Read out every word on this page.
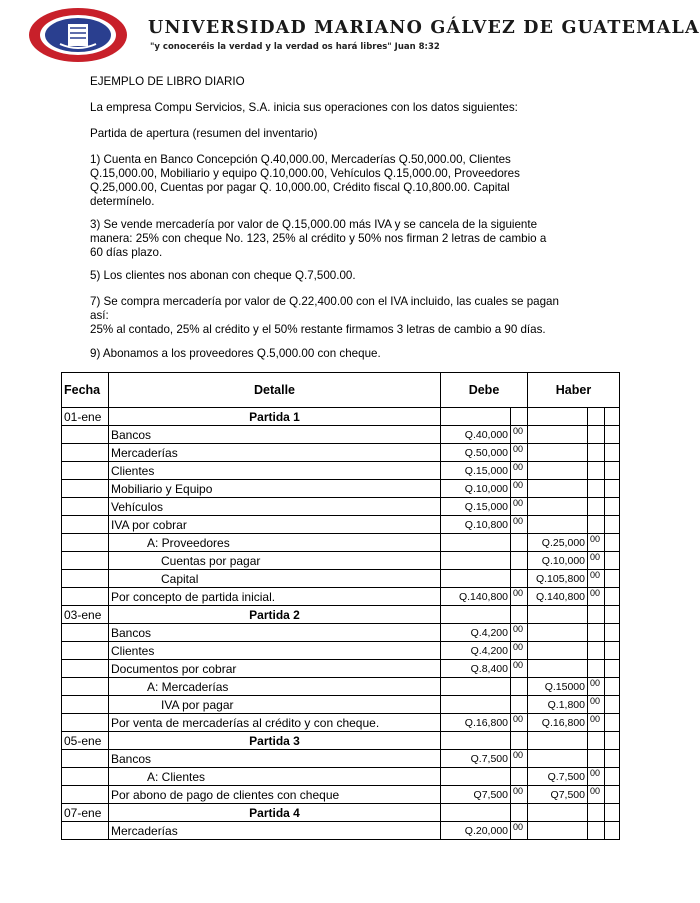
UNIVERSIDAD MARIANO GÁLVEZ DE GUATEMALA
"y conoceréis la verdad y la verdad os hará libres" Juan 8:32
EJEMPLO DE LIBRO DIARIO
La empresa Compu Servicios, S.A. inicia sus operaciones con los datos siguientes:
Partida de apertura (resumen del inventario)
1) Cuenta en Banco Concepción Q.40,000.00, Mercaderías Q.50,000.00, Clientes Q.15,000.00, Mobiliario y equipo Q.10,000.00, Vehículos Q.15,000.00, Proveedores Q.25,000.00, Cuentas por pagar Q. 10,000.00, Crédito fiscal Q.10,800.00. Capital determínelo.
3) Se vende mercadería por valor de Q.15,000.00 más IVA y se cancela de la siguiente manera: 25% con cheque No. 123, 25% al crédito y 50% nos firman 2 letras de cambio a 60 días plazo.
5) Los clientes nos abonan con cheque Q.7,500.00.
7) Se compra mercadería por valor de Q.22,400.00 con el IVA incluido, las cuales se pagan así:
25% al contado, 25% al crédito y el 50% restante firmamos 3 letras de cambio a 90 días.
9) Abonamos a los proveedores Q.5,000.00 con cheque.
Fecha	Detalle	Debe		Haber		
01-ene	Partida 1					
	Bancos	Q.40,000	00			
	Mercaderías	Q.50,000	00			
	Clientes	Q.15,000	00			
	Mobiliario y Equipo	Q.10,000	00			
	Vehículos	Q.15,000	00			
	IVA por cobrar	Q.10,800	00			
	A: Proveedores			Q.25,000	00	
	Cuentas por pagar			Q.10,000	00	
	Capital			Q.105,800	00	
	Por concepto de partida inicial.	Q.140,800	00	Q.140,800	00	
03-ene	Partida 2					
	Bancos	Q.4,200	00			
	Clientes	Q.4,200	00			
	Documentos por cobrar	Q.8,400	00			
	A: Mercaderías			Q.15000	00	
	IVA por pagar			Q.1,800	00	
	Por venta de mercaderías al crédito y con cheque.	Q.16,800	00	Q.16,800	00	
05-ene	Partida 3					
	Bancos	Q.7,500	00			
	A: Clientes			Q.7,500	00	
	Por abono de pago de clientes con cheque	Q7,500	00	Q7,500	00	
07-ene	Partida 4					
	Mercaderías	Q.20,000	00			
